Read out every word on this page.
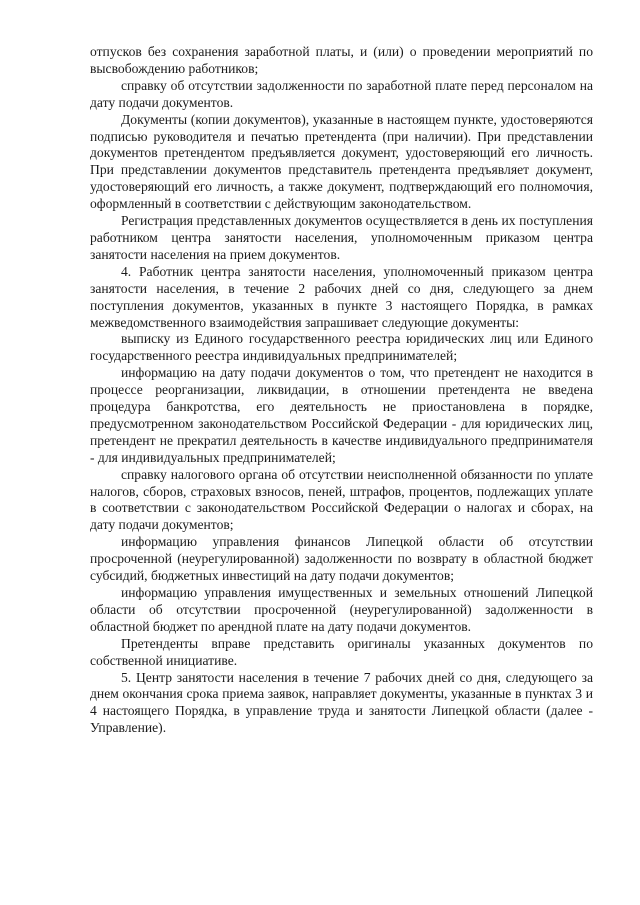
отпусков без сохранения заработной платы, и (или) о проведении мероприятий по высвобождению работников;

справку об отсутствии задолженности по заработной плате перед персоналом на дату подачи документов.

Документы (копии документов), указанные в настоящем пункте, удостоверяются подписью руководителя и печатью претендента (при наличии). При представлении документов претендентом предъявляется документ, удостоверяющий его личность. При представлении документов представитель претендента предъявляет документ, удостоверяющий его личность, а также документ, подтверждающий его полномочия, оформленный в соответствии с действующим законодательством.

Регистрация представленных документов осуществляется в день их поступления работником центра занятости населения, уполномоченным приказом центра занятости населения на прием документов.

4. Работник центра занятости населения, уполномоченный приказом центра занятости населения, в течение 2 рабочих дней со дня, следующего за днем поступления документов, указанных в пункте 3 настоящего Порядка, в рамках межведомственного взаимодействия запрашивает следующие документы:

выписку из Единого государственного реестра юридических лиц или Единого государственного реестра индивидуальных предпринимателей;

информацию на дату подачи документов о том, что претендент не находится в процессе реорганизации, ликвидации, в отношении претендента не введена процедура банкротства, его деятельность не приостановлена в порядке, предусмотренном законодательством Российской Федерации - для юридических лиц, претендент не прекратил деятельность в качестве индивидуального предпринимателя - для индивидуальных предпринимателей;

справку налогового органа об отсутствии неисполненной обязанности по уплате налогов, сборов, страховых взносов, пеней, штрафов, процентов, подлежащих уплате в соответствии с законодательством Российской Федерации о налогах и сборах, на дату подачи документов;

информацию управления финансов Липецкой области об отсутствии просроченной (неурегулированной) задолженности по возврату в областной бюджет субсидий, бюджетных инвестиций на дату подачи документов;

информацию управления имущественных и земельных отношений Липецкой области об отсутствии просроченной (неурегулированной) задолженности в областной бюджет по арендной плате на дату подачи документов.

Претенденты вправе представить оригиналы указанных документов по собственной инициативе.

5. Центр занятости населения в течение 7 рабочих дней со дня, следующего за днем окончания срока приема заявок, направляет документы, указанные в пунктах 3 и 4 настоящего Порядка, в управление труда и занятости Липецкой области (далее - Управление).
